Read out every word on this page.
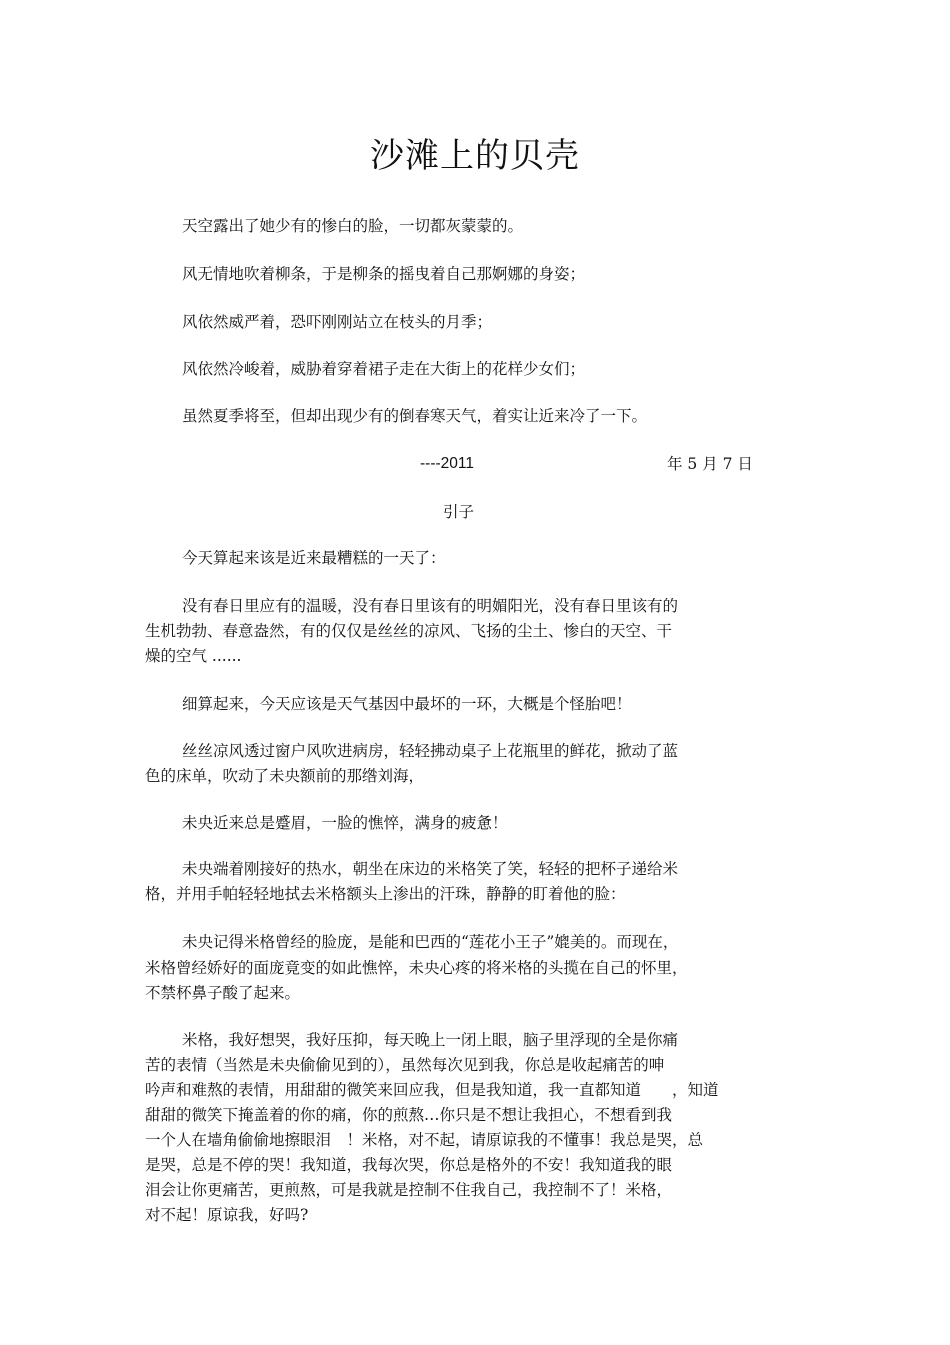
沙滩上的贝壳
天空露出了她少有的惨白的脸，一切都灰蒙蒙的。
风无情地吹着柳条，于是柳条的摇曳着自己那婀娜的身姿；
风依然威严着，恐吓刚刚站立在枝头的月季；
风依然冷峻着，威胁着穿着裙子走在大街上的花样少女们；
虽然夏季将至，但却出现少有的倒春寒天气，着实让近来冷了一下。
----2011	年 5 月 7 日
引子
今天算起来该是近来最糟糕的一天了：
没有春日里应有的温暖，没有春日里该有的明媚阳光，没有春日里该有的
生机勃勃、春意盎然，有的仅仅是丝丝的凉风、飞扬的尘土、惨白的天空、干
燥的空气 ......
细算起来，今天应该是天气基因中最坏的一环，大概是个怪胎吧！
丝丝凉风透过窗户风吹进病房，轻轻拂动桌子上花瓶里的鲜花，掀动了蓝
色的床单，吹动了未央额前的那绺刘海，
未央近来总是蹙眉，一脸的憔悴，满身的疲惫！
未央端着刚接好的热水，朝坐在床边的米格笑了笑，轻轻的把杯子递给米
格，并用手帕轻轻地拭去米格额头上渗出的汗珠，静静的盯着他的脸：
未央记得米格曾经的脸庞，是能和巴西的“莲花小王子”媲美的。而现在，
米格曾经娇好的面庞竟变的如此憔悴，未央心疼的将米格的头揽在自己的怀里，
不禁杯鼻子酸了起来。
米格，我好想哭，我好压抑，每天晚上一闭上眼，脑子里浮现的全是你痛
苦的表情（当然是未央偷偷见到的），虽然每次见到我，你总是收起痛苦的呻
吟声和难熬的表情，用甜甜的微笑来回应我，但是我知道，我一直都知道　　，知道
甜甜的微笑下掩盖着的你的痛，你的煎熬…你只是不想让我担心，不想看到我
一个人在墙角偷偷地擦眼泪　！米格，对不起，请原谅我的不懂事！我总是哭，总
是哭，总是不停的哭！我知道，我每次哭，你总是格外的不安！我知道我的眼
泪会让你更痛苦，更煎熬，可是我就是控制不住我自己，我控制不了！米格，
对不起！原谅我，好吗?
